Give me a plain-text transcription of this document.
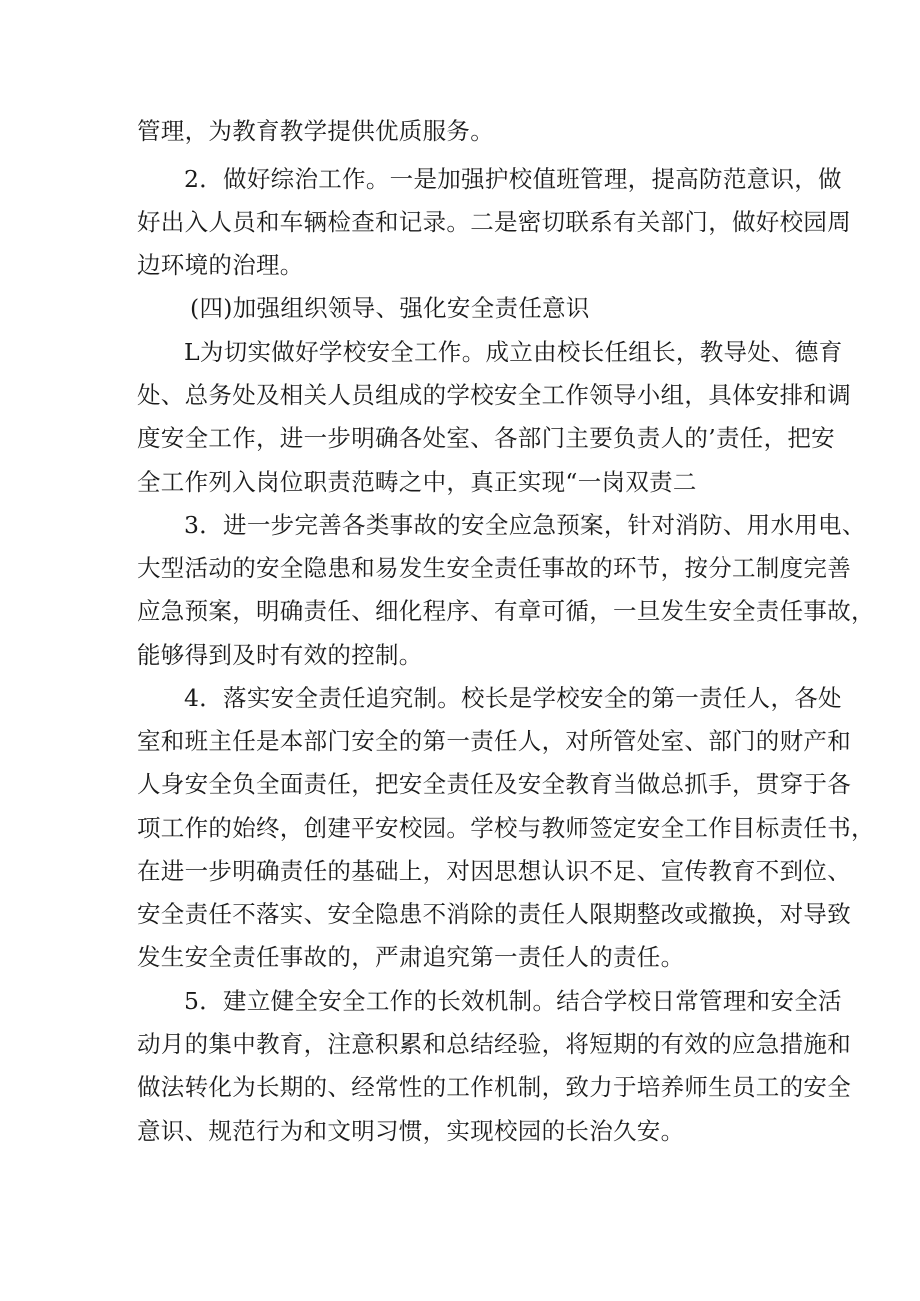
管理，为教育教学提供优质服务。
2．做好综治工作。一是加强护校值班管理，提高防范意识，做
好出入人员和车辆检查和记录。二是密切联系有关部门，做好校园周
边环境的治理。
(四)加强组织领导、强化安全责任意识
L为切实做好学校安全工作。成立由校长任组长，教导处、德育
处、总务处及相关人员组成的学校安全工作领导小组，具体安排和调
度安全工作，进一步明确各处室、各部门主要负责人的’责任，把安
全工作列入岗位职责范畴之中，真正实现“一岗双责二
3．进一步完善各类事故的安全应急预案，针对消防、用水用电、
大型活动的安全隐患和易发生安全责任事故的环节，按分工制度完善
应急预案，明确责任、细化程序、有章可循，一旦发生安全责任事故，
能够得到及时有效的控制。
4．落实安全责任追究制。校长是学校安全的第一责任人，各处
室和班主任是本部门安全的第一责任人，对所管处室、部门的财产和
人身安全负全面责任，把安全责任及安全教育当做总抓手，贯穿于各
项工作的始终，创建平安校园。学校与教师签定安全工作目标责任书，
在进一步明确责任的基础上，对因思想认识不足、宣传教育不到位、
安全责任不落实、安全隐患不消除的责任人限期整改或撤换，对导致
发生安全责任事故的，严肃追究第一责任人的责任。
5．建立健全安全工作的长效机制。结合学校日常管理和安全活
动月的集中教育，注意积累和总结经验，将短期的有效的应急措施和
做法转化为长期的、经常性的工作机制，致力于培养师生员工的安全
意识、规范行为和文明习惯，实现校园的长治久安。
